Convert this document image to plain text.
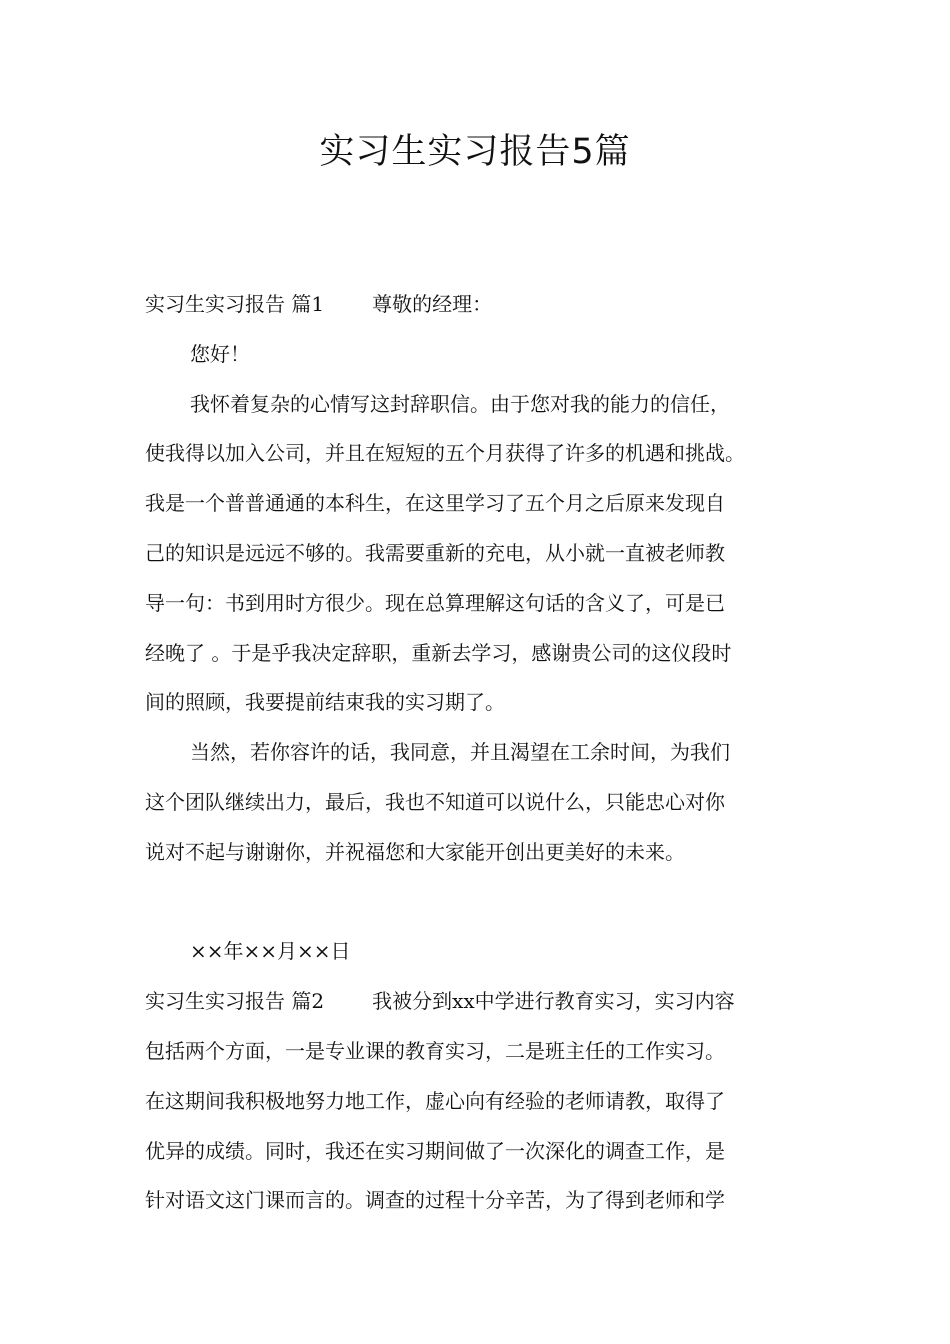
实习生实习报告5篇
实习生实习报告 篇1 尊敬的经理：
您好！
我怀着复杂的心情写这封辞职信。由于您对我的能力的信任，
使我得以加入公司，并且在短短的五个月获得了许多的机遇和挑战。
我是一个普普通通的本科生，在这里学习了五个月之后原来发现自
己的知识是远远不够的。我需要重新的充电，从小就一直被老师教
导一句：书到用时方很少。现在总算理解这句话的含义了，可是已
经晚了 。于是乎我决定辞职，重新去学习，感谢贵公司的这仪段时
间的照顾，我要提前结束我的实习期了。
当然，若你容许的话，我同意，并且渴望在工余时间，为我们
这个团队继续出力，最后，我也不知道可以说什么，只能忠心对你
说对不起与谢谢你，并祝福您和大家能开创出更美好的未来。
××年××月××日
实习生实习报告 篇2 我被分到xx中学进行教育实习，实习内容
包括两个方面，一是专业课的教育实习，二是班主任的工作实习。
在这期间我积极地努力地工作，虚心向有经验的老师请教，取得了
优异的成绩。同时，我还在实习期间做了一次深化的调查工作，是
针对语文这门课而言的。调查的过程十分辛苦，为了得到老师和学
